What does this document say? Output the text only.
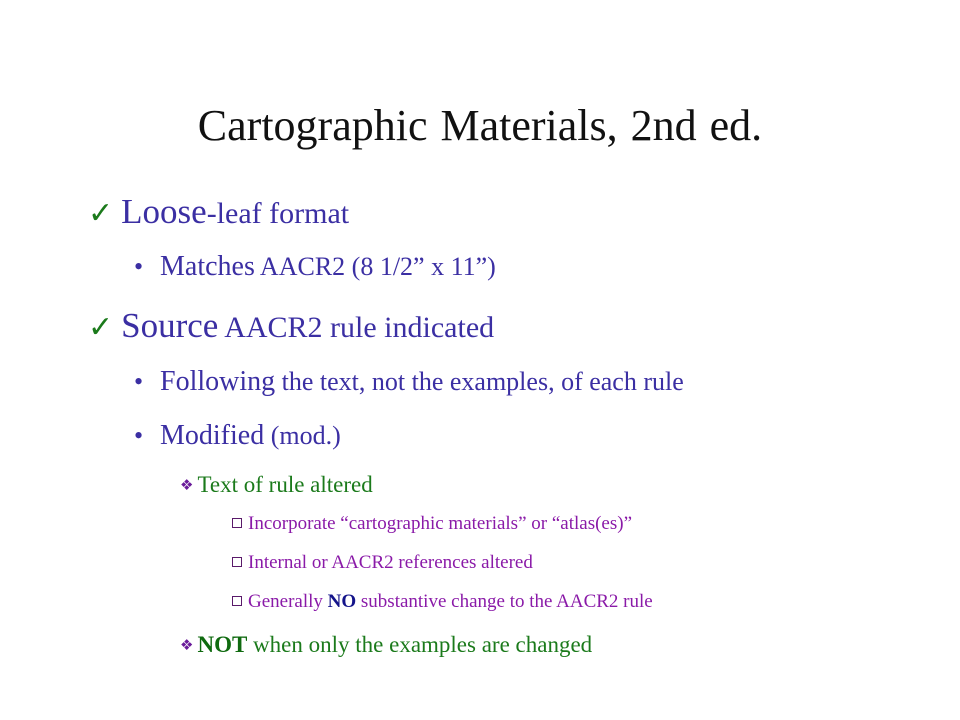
Cartographic Materials, 2nd ed.
✓ Loose-leaf format
• Matches AACR2 (8 1/2” x 11”)
✓ Source AACR2 rule indicated
• Following the text, not the examples, of each rule
• Modified (mod.)
❖ Text of rule altered
Incorporate “cartographic materials” or “atlas(es)”
Internal or AACR2 references altered
Generally NO substantive change to the AACR2 rule
❖ NOT when only the examples are changed
